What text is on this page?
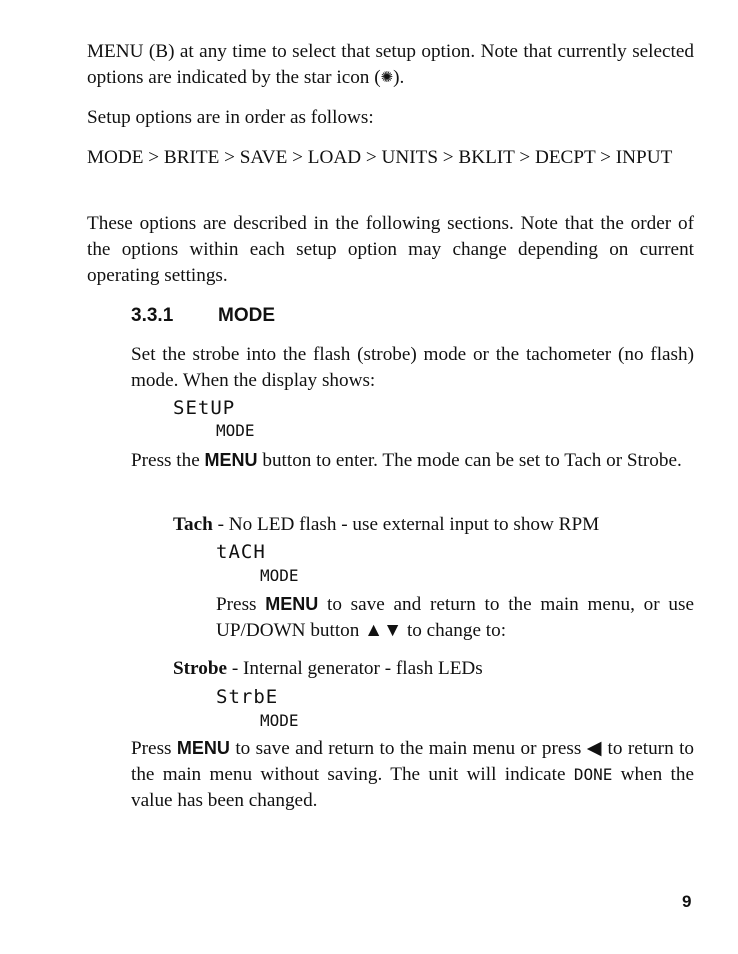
MENU (B) at any time to select that setup option. Note that currently selected options are indicated by the star icon (✺).

Setup options are in order as follows:

MODE > BRITE > SAVE > LOAD > UNITS > BKLIT > DECPT > INPUT

These options are described in the following sections. Note that the order of the options within each setup option may change depending on current operating settings.

3.3.1 MODE

Set the strobe into the flash (strobe) mode or the tachometer (no flash) mode. When the display shows:

SEtUP
MODE

Press the MENU button to enter. The mode can be set to Tach or Strobe.

Tach - No LED flash - use external input to show RPM

tACH
MODE

Press MENU to save and return to the main menu, or use UP/DOWN button ▲▼ to change to:

Strobe - Internal generator - flash LEDs

StrbE
MODE

Press MENU to save and return to the main menu or press ◀ to return to the main menu without saving. The unit will indicate DONE when the value has been changed.

9
